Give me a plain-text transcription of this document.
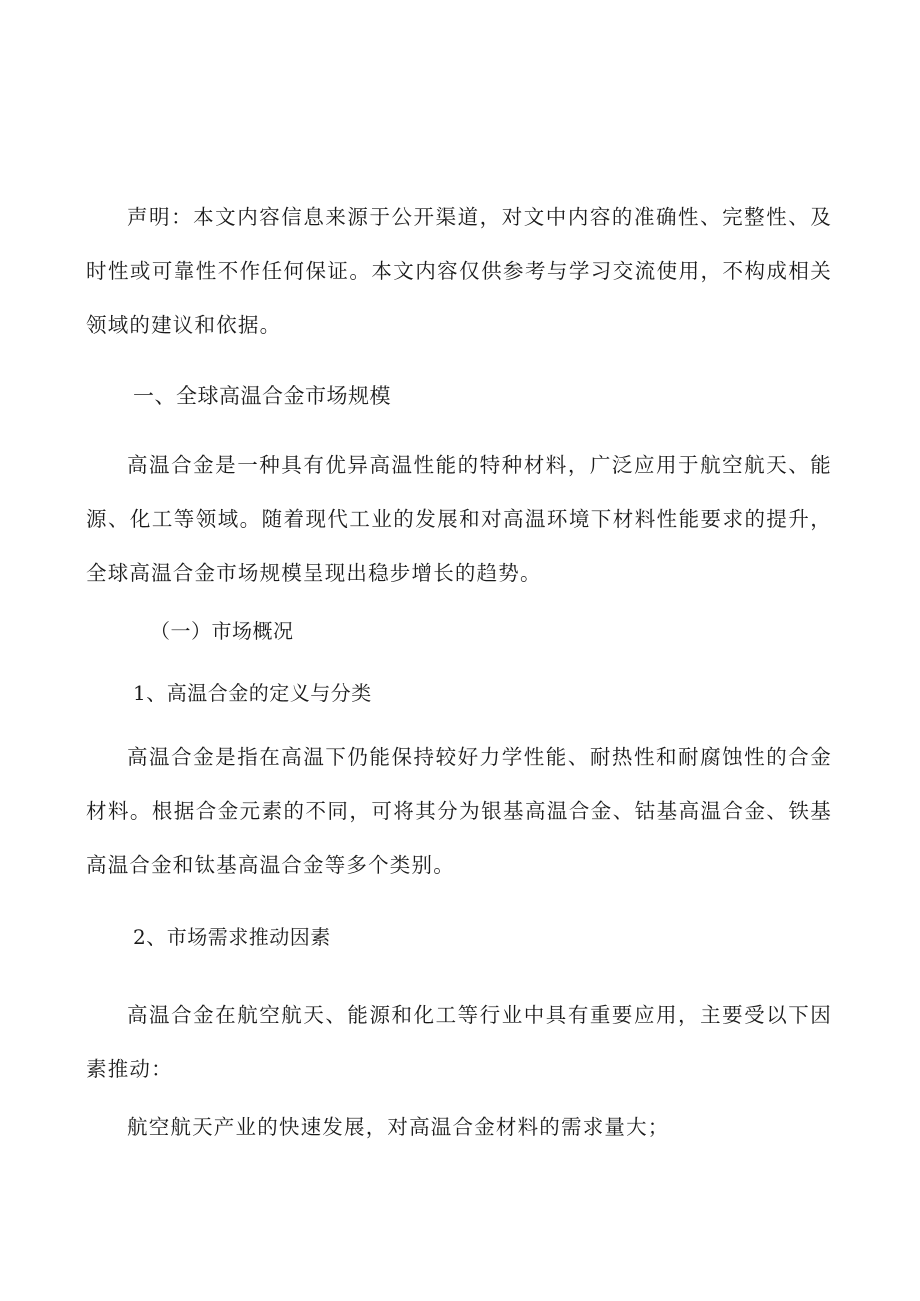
声明：本文内容信息来源于公开渠道，对文中内容的准确性、完整性、及时性或可靠性不作任何保证。本文内容仅供参考与学习交流使用，不构成相关领域的建议和依据。

一、全球高温合金市场规模

高温合金是一种具有优异高温性能的特种材料，广泛应用于航空航天、能源、化工等领域。随着现代工业的发展和对高温环境下材料性能要求的提升，全球高温合金市场规模呈现出稳步增长的趋势。

（一）市场概况
1、高温合金的定义与分类

高温合金是指在高温下仍能保持较好力学性能、耐热性和耐腐蚀性的合金材料。根据合金元素的不同，可将其分为银基高温合金、钴基高温合金、铁基高温合金和钛基高温合金等多个类别。

2、市场需求推动因素

高温合金在航空航天、能源和化工等行业中具有重要应用，主要受以下因素推动：

航空航天产业的快速发展，对高温合金材料的需求量大；
